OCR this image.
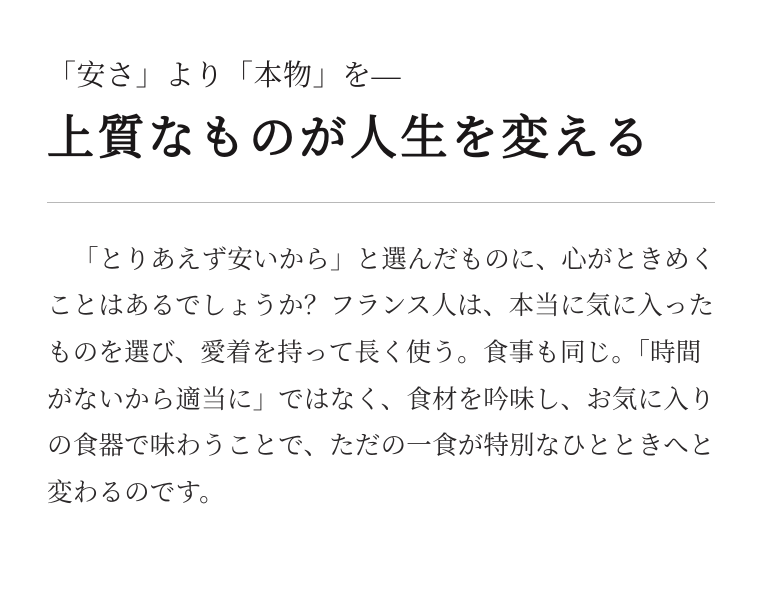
「安さ」より「本物」を—
上質なものが人生を変える

「とりあえず安いから」と選んだものに、心がときめくことはあるでしょうか？フランス人は、本当に気に入ったものを選び、愛着を持って長く使う。食事も同じ。「時間がないから適当に」ではなく、食材を吟味し、お気に入りの食器で味わうことで、ただの一食が特別なひとときへと変わるのです。
